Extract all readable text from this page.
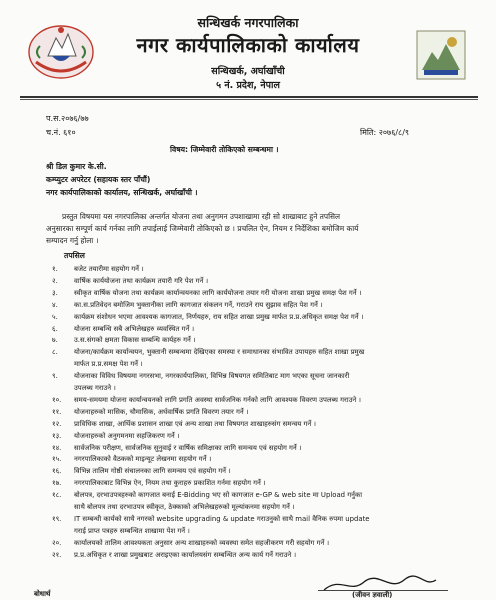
सन्धिखर्क नगरपालिका
नगर कार्यपालिकाको कार्यालय
सन्धिखर्क, अर्घाखाँची
५ नं. प्रदेश, नेपाल
प.स.२०७६/७७
च.नं. ६१०	मिति: २०७६/८/९
विषय: जिम्मेवारी तोकिएको सम्बन्धमा ।
श्री डिल कुमार के.सी.
कम्प्युटर अपरेटर (सहायक स्तर पाँचौं)
नगर कार्यपालिकाको कार्यालय, सन्धिखर्क, अर्घाखाँची ।
प्रस्तुत विषयमा यस नगरपालिका अन्तर्गत योजना तथा अनुगमन उपशाखामा रही सो शाखाबाट हुने तपसिल
अनुसारका सम्पूर्ण कार्य गर्नका लागि तपाईलाई जिम्मेवारी तोकिएको छ । प्रचलित ऐन, नियम र निर्देशिका बमोजिम कार्य
सम्पादन गर्नु होला ।
तपसिल
१. बजेट तयारीमा सहयोग गर्ने ।
२. वार्षिक कार्ययोजना तथा कार्यक्रम तयारी गरि पेश गर्ने ।
३. स्वीकृत वार्षिक योजना तथा कार्यक्रम कार्यान्वयनका लागि कार्ययोजना तयार गरी योजना शाखा प्रमुख समक्ष पेश गर्ने ।
४. का.स.प्रतिवेदन बमोजिम भुक्तानीका लागि कागजात संकलन गर्ने, गराउने राय सुझाव सहित पेश गर्ने ।
५. कार्यक्रम संशोधन भएमा आवश्यक कागजात, निर्णयहरु, राय सहित शाखा प्रमुख मार्फत प्र.प्र.अधिकृत समक्ष पेश गर्ने ।
६. योजना सम्बन्धि सबै अभिलेखहरु व्यवस्थित गर्ने ।
७. उ.स.संगको क्षमता विकास सम्बन्धि कार्यहरु गर्ने ।
८. योजना/कार्यक्रम कार्यान्वयन, भुक्तानी सम्बन्धमा देखिएका समस्या र समाधानका संभावित उपायहरु सहित शाखा प्रमुख
मार्फत प्र.प्र.समक्ष पेश गर्ने ।
९. योजनाका विविध विषयमा नगरसभा, नगरकार्यपालिका, विभिन्न विषयगत समितिबाट माग भएका सूचना जानकारी
उपलब्ध गराउने ।
१०. समय-समयमा योजना कार्यान्वयनको लागि प्रगति अवस्था सार्वजनिक गर्नको लागि आवश्यक विवरण उपलब्ध गराउने ।
११. योजनाहरुको मासिक, चौमासिक, अर्धवार्षिक प्रगति विवरण तयार गर्ने ।
१२. प्राविधिक शाखा, आर्थिक प्रशासन शाखा एवं अन्य शाखा तथा विषयगत शाखाहरुसंग समन्वय गर्ने ।
१३. योजनाहरुको अनुगमनमा सहजिकरण गर्ने ।
१४. सार्वजनिक परीक्षण, सार्वजनिक सुनुवाई र वार्षिक समिक्षाका लागि समन्वय एवं सहयोग गर्ने ।
१५. नगरपालिकाको वैठकको माइन्यूट लेखनमा सहयोग गर्ने ।
१६. विभिन्न तालिम गोष्ठी संचालनका लागि समन्वय एवं सहयोग गर्ने ।
१७. नगरपालिकाबाट विभिन्न ऐन, नियम तथा कुराहरु प्रकाशित गर्नमा सहयोग गर्ने ।
१८. बोलपत्र, दरभाउपत्रहरुको कागजात बनाई E-Bidding भए सो कागजात e-GP & web site मा Upload गर्नुका
साथै बोलपत्र तथा दरभाउपत्र स्वीकृत, ठेक्काको अभिलेखहरुको मूल्यांकनमा सहयोग गर्ने ।
१९. IT सम्बन्धी कार्यको साथै नगरको website upgrading & update गराउनुको साथै mail वैनिक रुपमा update
गराई प्राप्त पत्रहरु सम्बन्धित शाखामा पेश गर्ने ।
२०. कार्यालयको तालिम आवश्यकता अनुसार अन्य शाखाहरुको व्यवस्था समेत सहजीकरण गरी सहयोग गर्ने ।
२१. प्र.प्र.अधिकृत र शाखा प्रमुखबाट अराइएका कार्यालयसंग सम्बन्धित अन्य कार्य गर्ने गराउने ।
बोधार्थ	(जीवन ज्ञवाली)
